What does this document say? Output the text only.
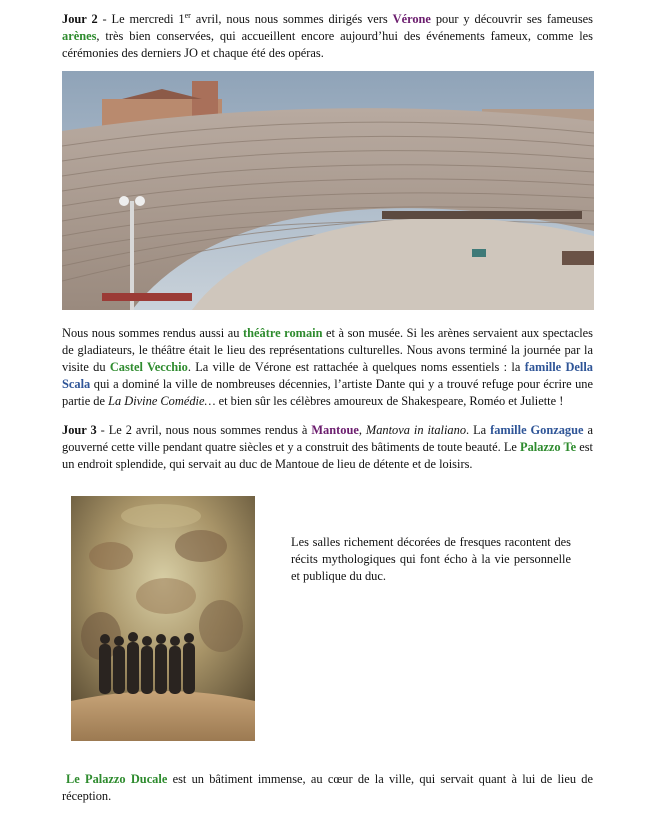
Jour 2 - Le mercredi 1er avril, nous nous sommes dirigés vers Vérone pour y découvrir ses fameuses arènes, très bien conservées, qui accueillent encore aujourd’hui des événements fameux, comme les cérémonies des derniers JO et chaque été des opéras.

Nous nous sommes rendus aussi au théâtre romain et à son musée. Si les arènes servaient aux spectacles de gladiateurs, le théâtre était le lieu des représentations culturelles. Nous avons terminé la journée par la visite du Castel Vecchio. La ville de Vérone est rattachée à quelques noms essentiels : la famille Della Scala qui a dominé la ville de nombreuses décennies, l’artiste Dante qui y a trouvé refuge pour écrire une partie de La Divine Comédie… et bien sûr les célèbres amoureux de Shakespeare, Roméo et Juliette !

Jour 3 - Le 2 avril, nous nous sommes rendus à Mantoue, Mantova in italiano. La famille Gonzague a gouverné cette ville pendant quatre siècles et y a construit des bâtiments de toute beauté. Le Palazzo Te est un endroit splendide, qui servait au duc de Mantoue de lieu de détente et de loisirs.

Les salles richement décorées de fresques racontent des récits mythologiques qui font écho à la vie personnelle et publique du duc.

Le Palazzo Ducale est un bâtiment immense, au cœur de la ville, qui servait quant à lui de lieu de réception.
